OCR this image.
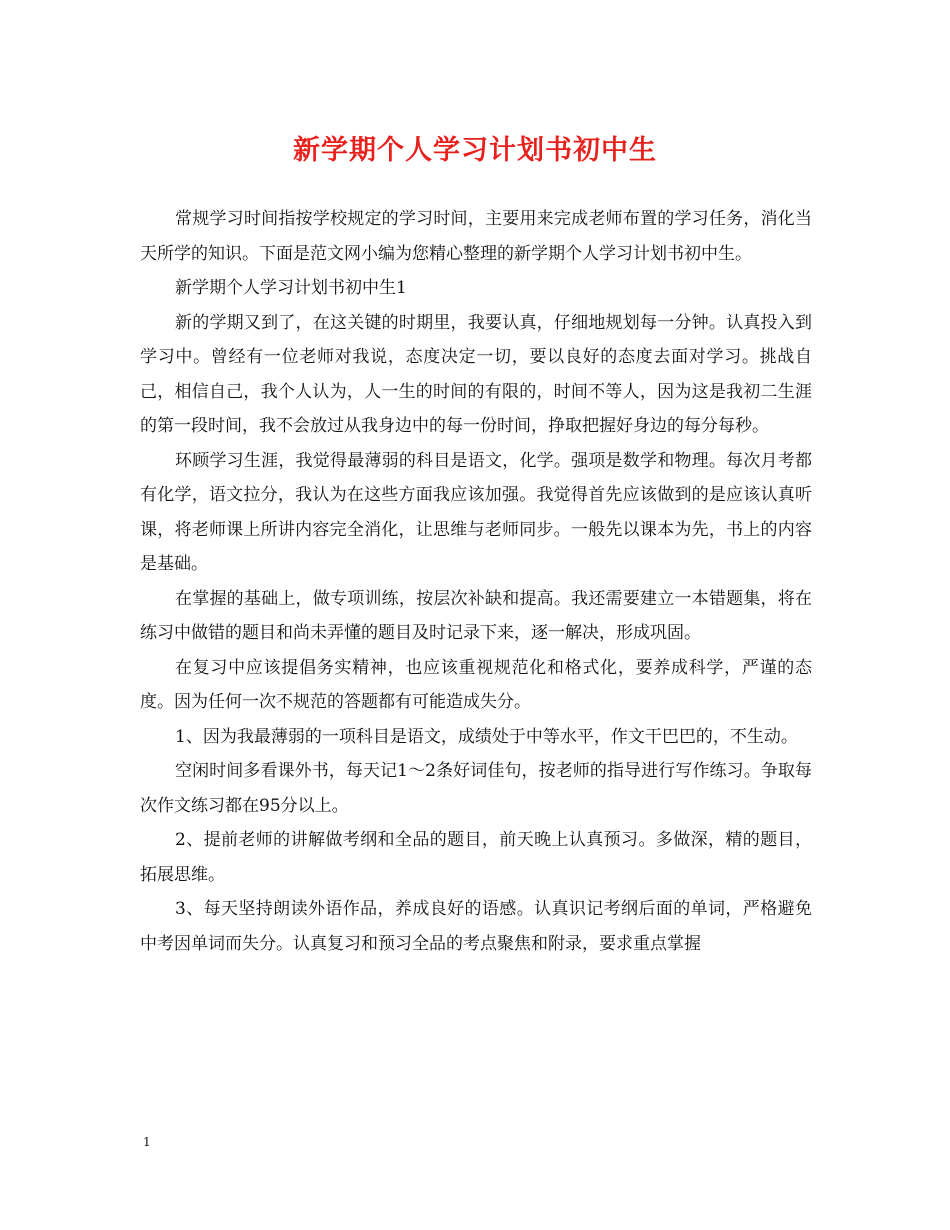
新学期个人学习计划书初中生

常规学习时间指按学校规定的学习时间，主要用来完成老师布置的学习任务，消化当天所学的知识。下面是范文网小编为您精心整理的新学期个人学习计划书初中生。

新学期个人学习计划书初中生1

新的学期又到了，在这关键的时期里，我要认真，仔细地规划每一分钟。认真投入到学习中。曾经有一位老师对我说，态度决定一切，要以良好的态度去面对学习。挑战自己，相信自己，我个人认为，人一生的时间的有限的，时间不等人，因为这是我初二生涯的第一段时间，我不会放过从我身边中的每一份时间，挣取把握好身边的每分每秒。

环顾学习生涯，我觉得最薄弱的科目是语文，化学。强项是数学和物理。每次月考都有化学，语文拉分，我认为在这些方面我应该加强。我觉得首先应该做到的是应该认真听课，将老师课上所讲内容完全消化，让思维与老师同步。一般先以课本为先，书上的内容是基础。

在掌握的基础上，做专项训练，按层次补缺和提高。我还需要建立一本错题集，将在练习中做错的题目和尚未弄懂的题目及时记录下来，逐一解决，形成巩固。

在复习中应该提倡务实精神，也应该重视规范化和格式化，要养成科学，严谨的态度。因为任何一次不规范的答题都有可能造成失分。

1、因为我最薄弱的一项科目是语文，成绩处于中等水平，作文干巴巴的，不生动。

空闲时间多看课外书，每天记1～2条好词佳句，按老师的指导进行写作练习。争取每次作文练习都在95分以上。

2、提前老师的讲解做考纲和全品的题目，前天晚上认真预习。多做深，精的题目，拓展思维。

3、每天坚持朗读外语作品，养成良好的语感。认真识记考纲后面的单词，严格避免中考因单词而失分。认真复习和预习全品的考点聚焦和附录，要求重点掌握

1
